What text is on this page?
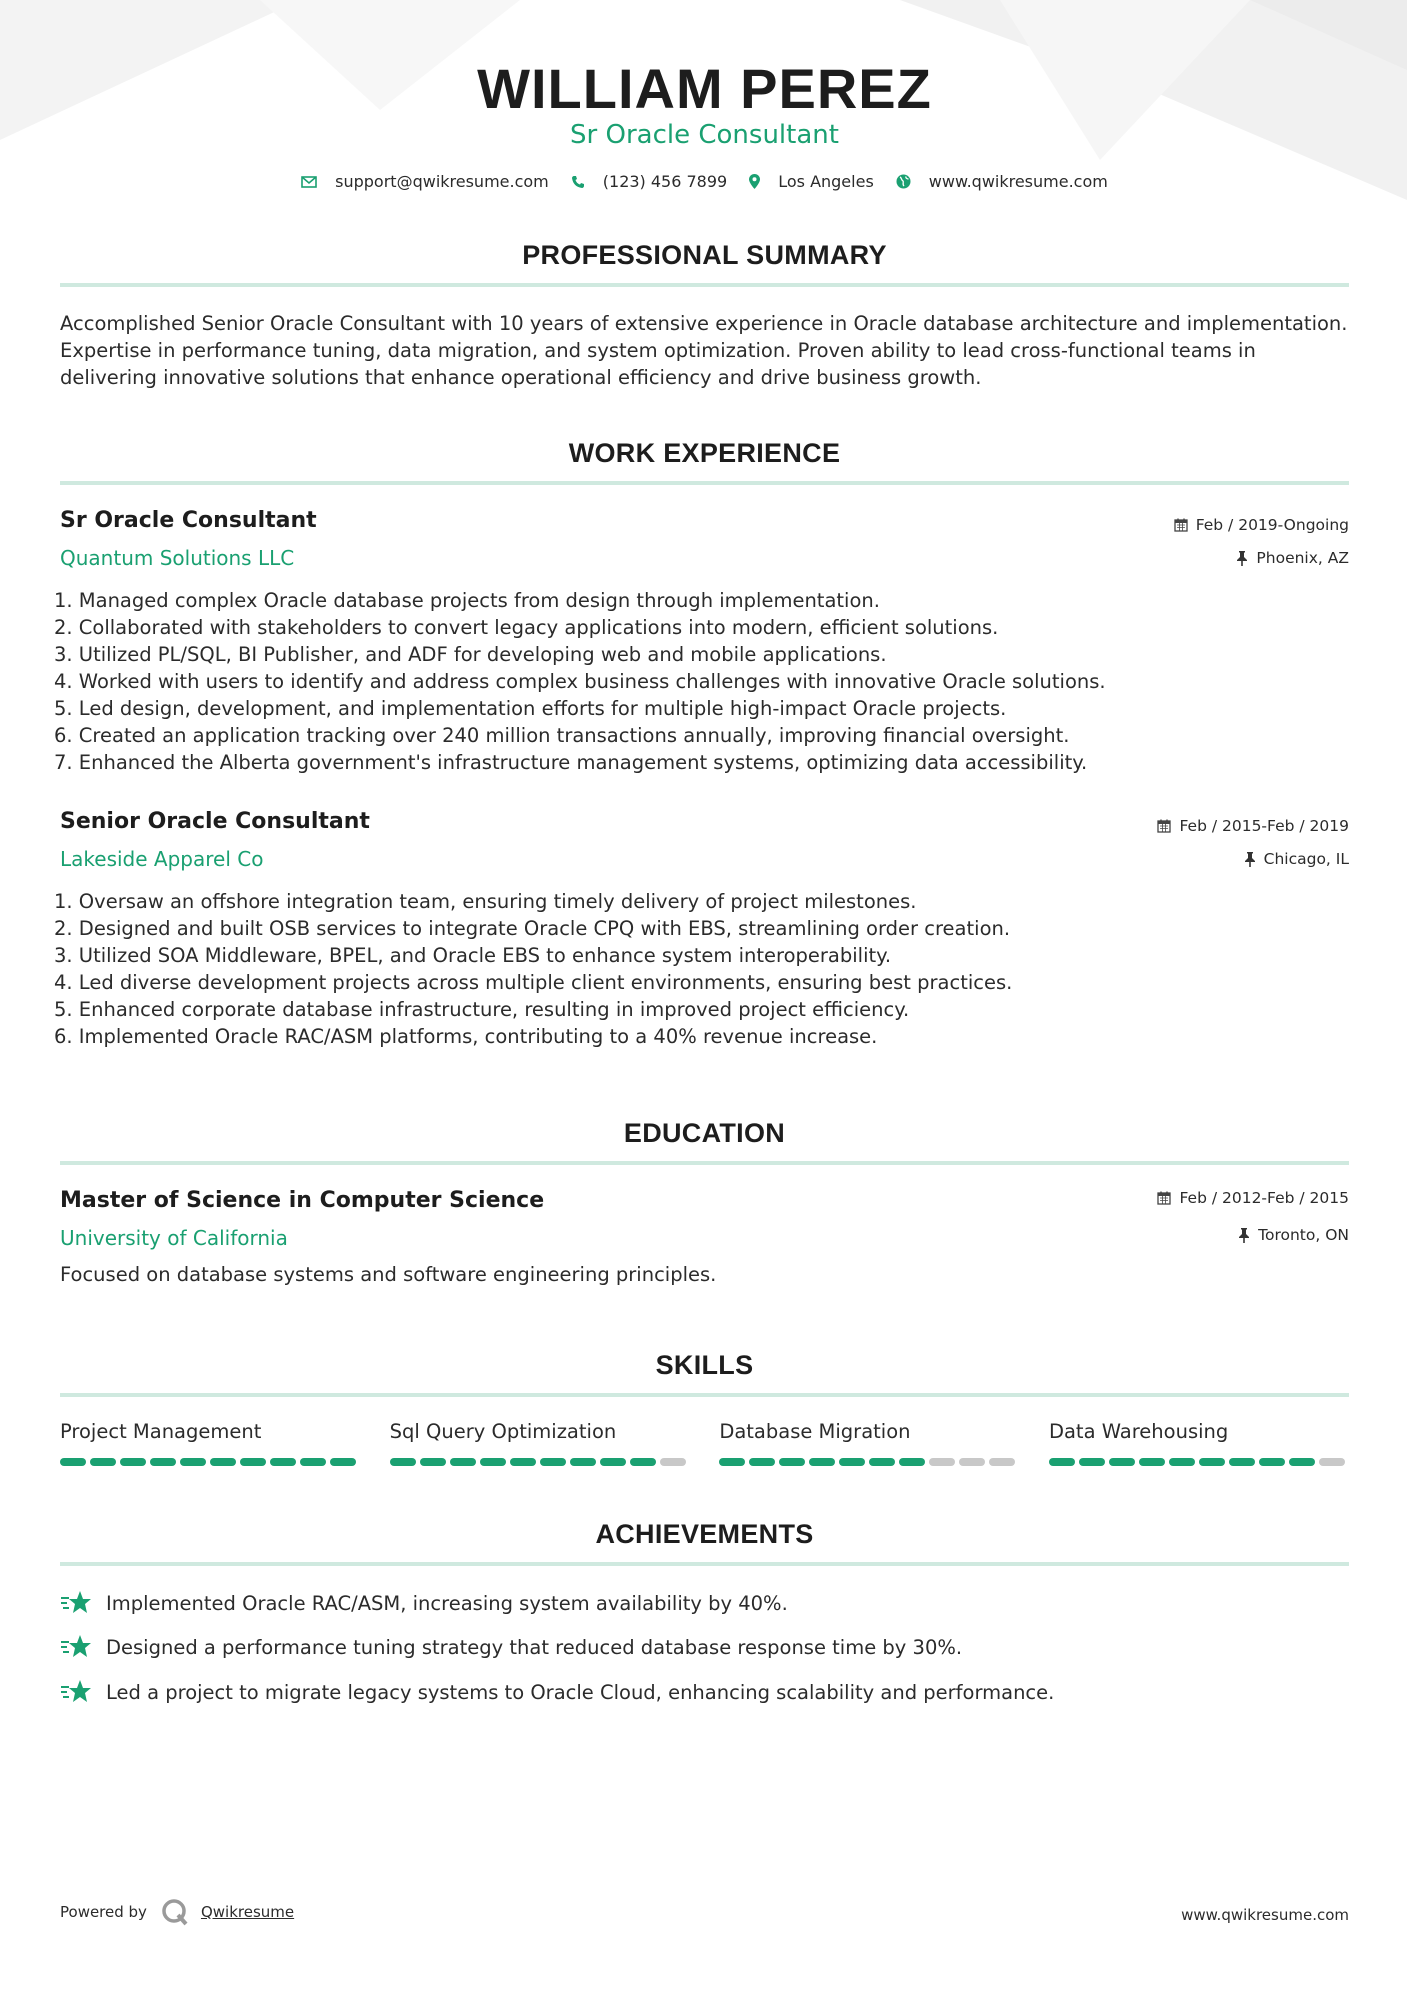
WILLIAM PEREZ
Sr Oracle Consultant
support@qwikresume.com	(123) 456 7899	Los Angeles	www.qwikresume.com
PROFESSIONAL SUMMARY
Accomplished Senior Oracle Consultant with 10 years of extensive experience in Oracle database architecture and implementation. Expertise in performance tuning, data migration, and system optimization. Proven ability to lead cross-functional teams in delivering innovative solutions that enhance operational efficiency and drive business growth.
WORK EXPERIENCE
Sr Oracle Consultant
Quantum Solutions LLC
Feb / 2019-Ongoing
Phoenix, AZ
1. Managed complex Oracle database projects from design through implementation.
2. Collaborated with stakeholders to convert legacy applications into modern, efficient solutions.
3. Utilized PL/SQL, BI Publisher, and ADF for developing web and mobile applications.
4. Worked with users to identify and address complex business challenges with innovative Oracle solutions.
5. Led design, development, and implementation efforts for multiple high-impact Oracle projects.
6. Created an application tracking over 240 million transactions annually, improving financial oversight.
7. Enhanced the Alberta government's infrastructure management systems, optimizing data accessibility.
Senior Oracle Consultant
Lakeside Apparel Co
Feb / 2015-Feb / 2019
Chicago, IL
1. Oversaw an offshore integration team, ensuring timely delivery of project milestones.
2. Designed and built OSB services to integrate Oracle CPQ with EBS, streamlining order creation.
3. Utilized SOA Middleware, BPEL, and Oracle EBS to enhance system interoperability.
4. Led diverse development projects across multiple client environments, ensuring best practices.
5. Enhanced corporate database infrastructure, resulting in improved project efficiency.
6. Implemented Oracle RAC/ASM platforms, contributing to a 40% revenue increase.
EDUCATION
Master of Science in Computer Science
University of California
Feb / 2012-Feb / 2015
Toronto, ON
Focused on database systems and software engineering principles.
SKILLS
Project Management	Sql Query Optimization	Database Migration	Data Warehousing
ACHIEVEMENTS
Implemented Oracle RAC/ASM, increasing system availability by 40%.
Designed a performance tuning strategy that reduced database response time by 30%.
Led a project to migrate legacy systems to Oracle Cloud, enhancing scalability and performance.
Powered by	Qwikresume	www.qwikresume.com
